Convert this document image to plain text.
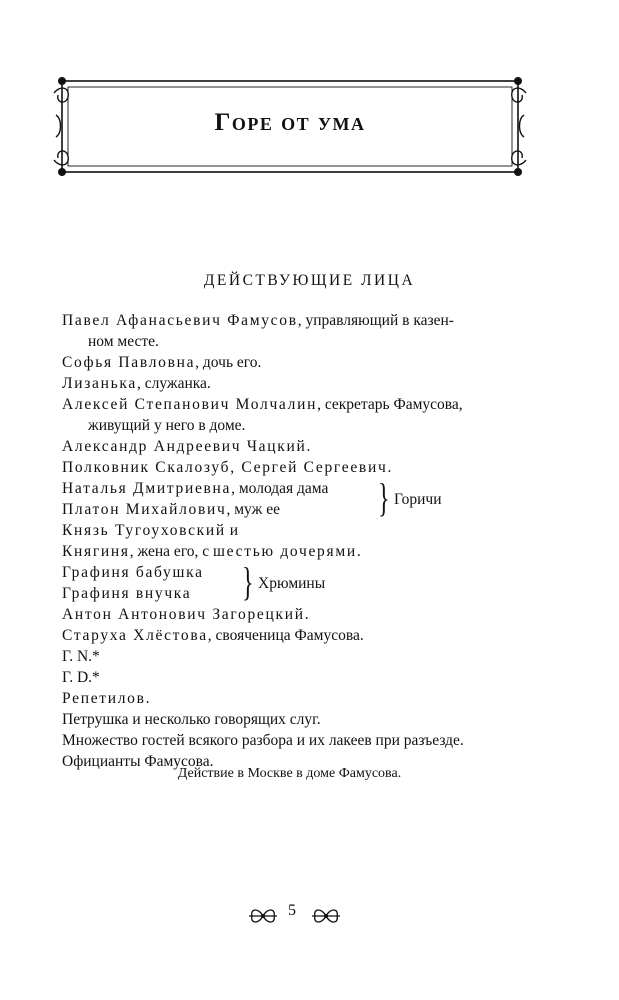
Горе от ума
ДЕЙСТВУЮЩИЕ ЛИЦА
Павел Афанасьевич Фамусов, управляющий в казен-
ном месте.
Софья Павловна, дочь его.
Лизанька, служанка.
Алексей Степанович Молчалин, секретарь Фамусова,
живущий у него в доме.
Александр Андреевич Чацкий.
Полковник Скалозуб, Сергей Сергеевич.
Наталья Дмитриевна, молодая дама
Платон Михайлович, муж ее	} Горичи
Князь Тугоуховский и
Княгиня, жена его, с шестью дочерями.
Графиня бабушка
Графиня внучка	} Хрюмины
Антон Антонович Загорецкий.
Старуха Хлёстова, свояченица Фамусова.
Г. N.*
Г. D.*
Репетилов.
Петрушка и несколько говорящих слуг.
Множество гостей всякого разбора и их лакеев при разъезде.
Официанты Фамусова.
Действие в Москве в доме Фамусова.
5
